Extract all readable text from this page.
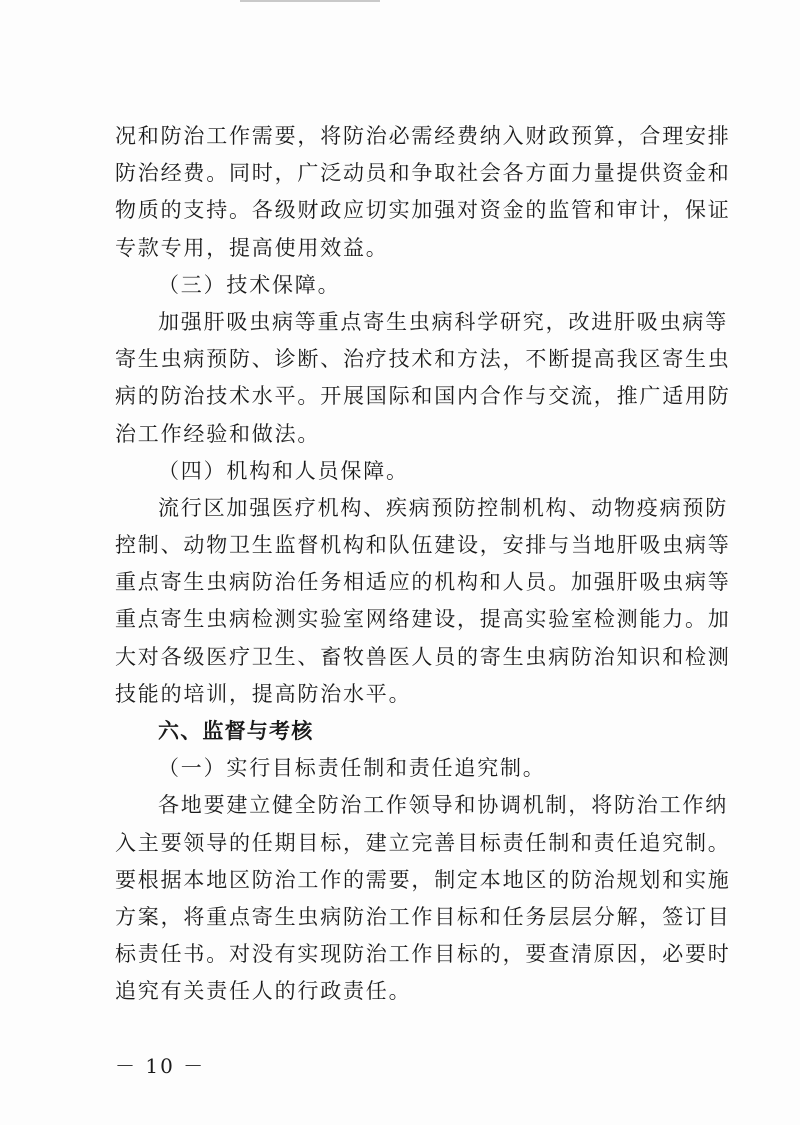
况和防治工作需要，将防治必需经费纳入财政预算，合理安排

防治经费。同时，广泛动员和争取社会各方面力量提供资金和

物质的支持。各级财政应切实加强对资金的监管和审计，保证

专款专用，提高使用效益。

（三）技术保障。

加强肝吸虫病等重点寄生虫病科学研究，改进肝吸虫病等

寄生虫病预防、诊断、治疗技术和方法，不断提高我区寄生虫

病的防治技术水平。开展国际和国内合作与交流，推广适用防

治工作经验和做法。

（四）机构和人员保障。

流行区加强医疗机构、疾病预防控制机构、动物疫病预防

控制、动物卫生监督机构和队伍建设，安排与当地肝吸虫病等

重点寄生虫病防治任务相适应的机构和人员。加强肝吸虫病等

重点寄生虫病检测实验室网络建设，提高实验室检测能力。加

大对各级医疗卫生、畜牧兽医人员的寄生虫病防治知识和检测

技能的培训，提高防治水平。

六、监督与考核

（一）实行目标责任制和责任追究制。

各地要建立健全防治工作领导和协调机制，将防治工作纳

入主要领导的任期目标，建立完善目标责任制和责任追究制。

要根据本地区防治工作的需要，制定本地区的防治规划和实施

方案，将重点寄生虫病防治工作目标和任务层层分解，签订目

标责任书。对没有实现防治工作目标的，要查清原因，必要时

追究有关责任人的行政责任。

－ 10 －
